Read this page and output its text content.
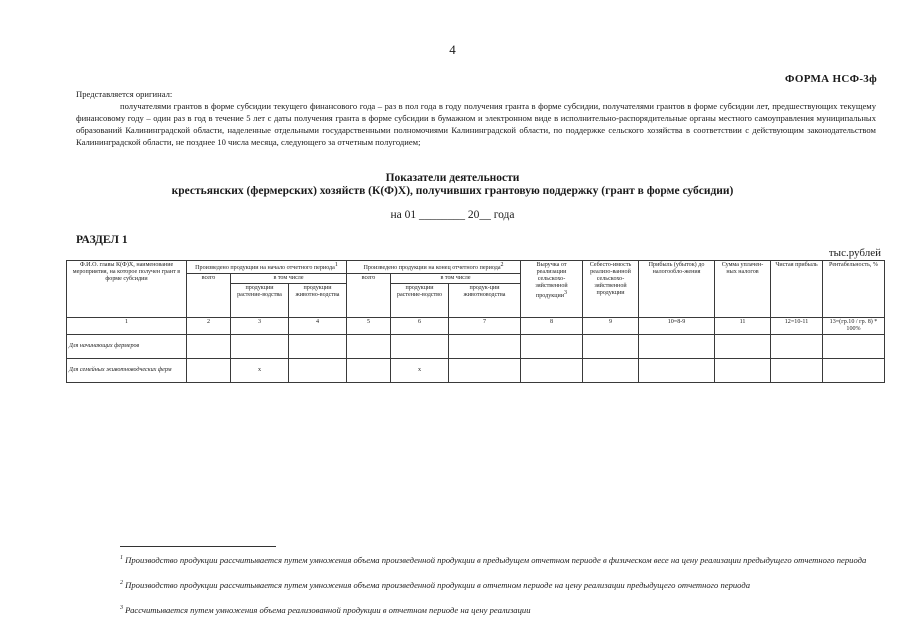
4
ФОРМА НСФ-3ф
Представляется оригинал:
получателями грантов в форме субсидии текущего финансового года – раз в пол года в году получения гранта в форме субсидии, получателями грантов в форме субсидии лет, предшествующих текущему финансовому году – один раз в год в течение 5 лет с даты получения гранта в форме субсидии в бумажном и электронном виде в исполнительно-распорядительные органы местного самоуправления муниципальных образований Калининградской области, наделенные отдельными государственными полномочиями Калининградской области, по поддержке сельского хозяйства в соответствии с действующим законодательством Калининградской области, не позднее 10 числа месяца, следующего за отчетным полугодием;
Показатели деятельности
крестьянских (фермерских) хозяйств (К(Ф)Х), получивших грантовую поддержку (грант в форме субсидии)
на 01 ________ 20__ года
РАЗДЕЛ 1
тыс.рублей
Ф.И.О. главы К(Ф)Х, наименование мероприятия, на которое получен грант в форме субсидии	Произведено продукции на начало отчетного периода$^1$			Произведено продукции на конец отчетного периода$^2$			Выручка от реализации сельскохо-зяйственной продукции$^3$	Себесто-имость реализо-ванной сельскохо-зяйственной продукции	Прибыль (убыток) до налогообло-жения	Сумма уплачен-ных налогов	Чистая прибыль	Рентабельность, %
	всего	в том числе		всего	в том числе							
		продукции растение-водства	продукции животно-водства		продукции растение-водство	продук-ции животноводства						
1	2	3	4	5	6	7	8	9	10=8-9	11	12=10-11	13=(гр.10 / гр. 8) * 100%
Для начинающих фермеров												
Для семейных животноводческих ферм		х			х							
$^1$ Производство продукции рассчитывается путем умножения объема произведенной продукции в предыдущем отчетном периоде в физическом весе на цену реализации предыдущего отчетного периода
$^2$ Производство продукции рассчитывается путем умножения объема произведенной продукции в отчетном периоде на цену реализации предыдущего отчетного периода
$^3$ Рассчитывается путем умножения объема реализованной продукции в отчетном периоде на цену реализации
